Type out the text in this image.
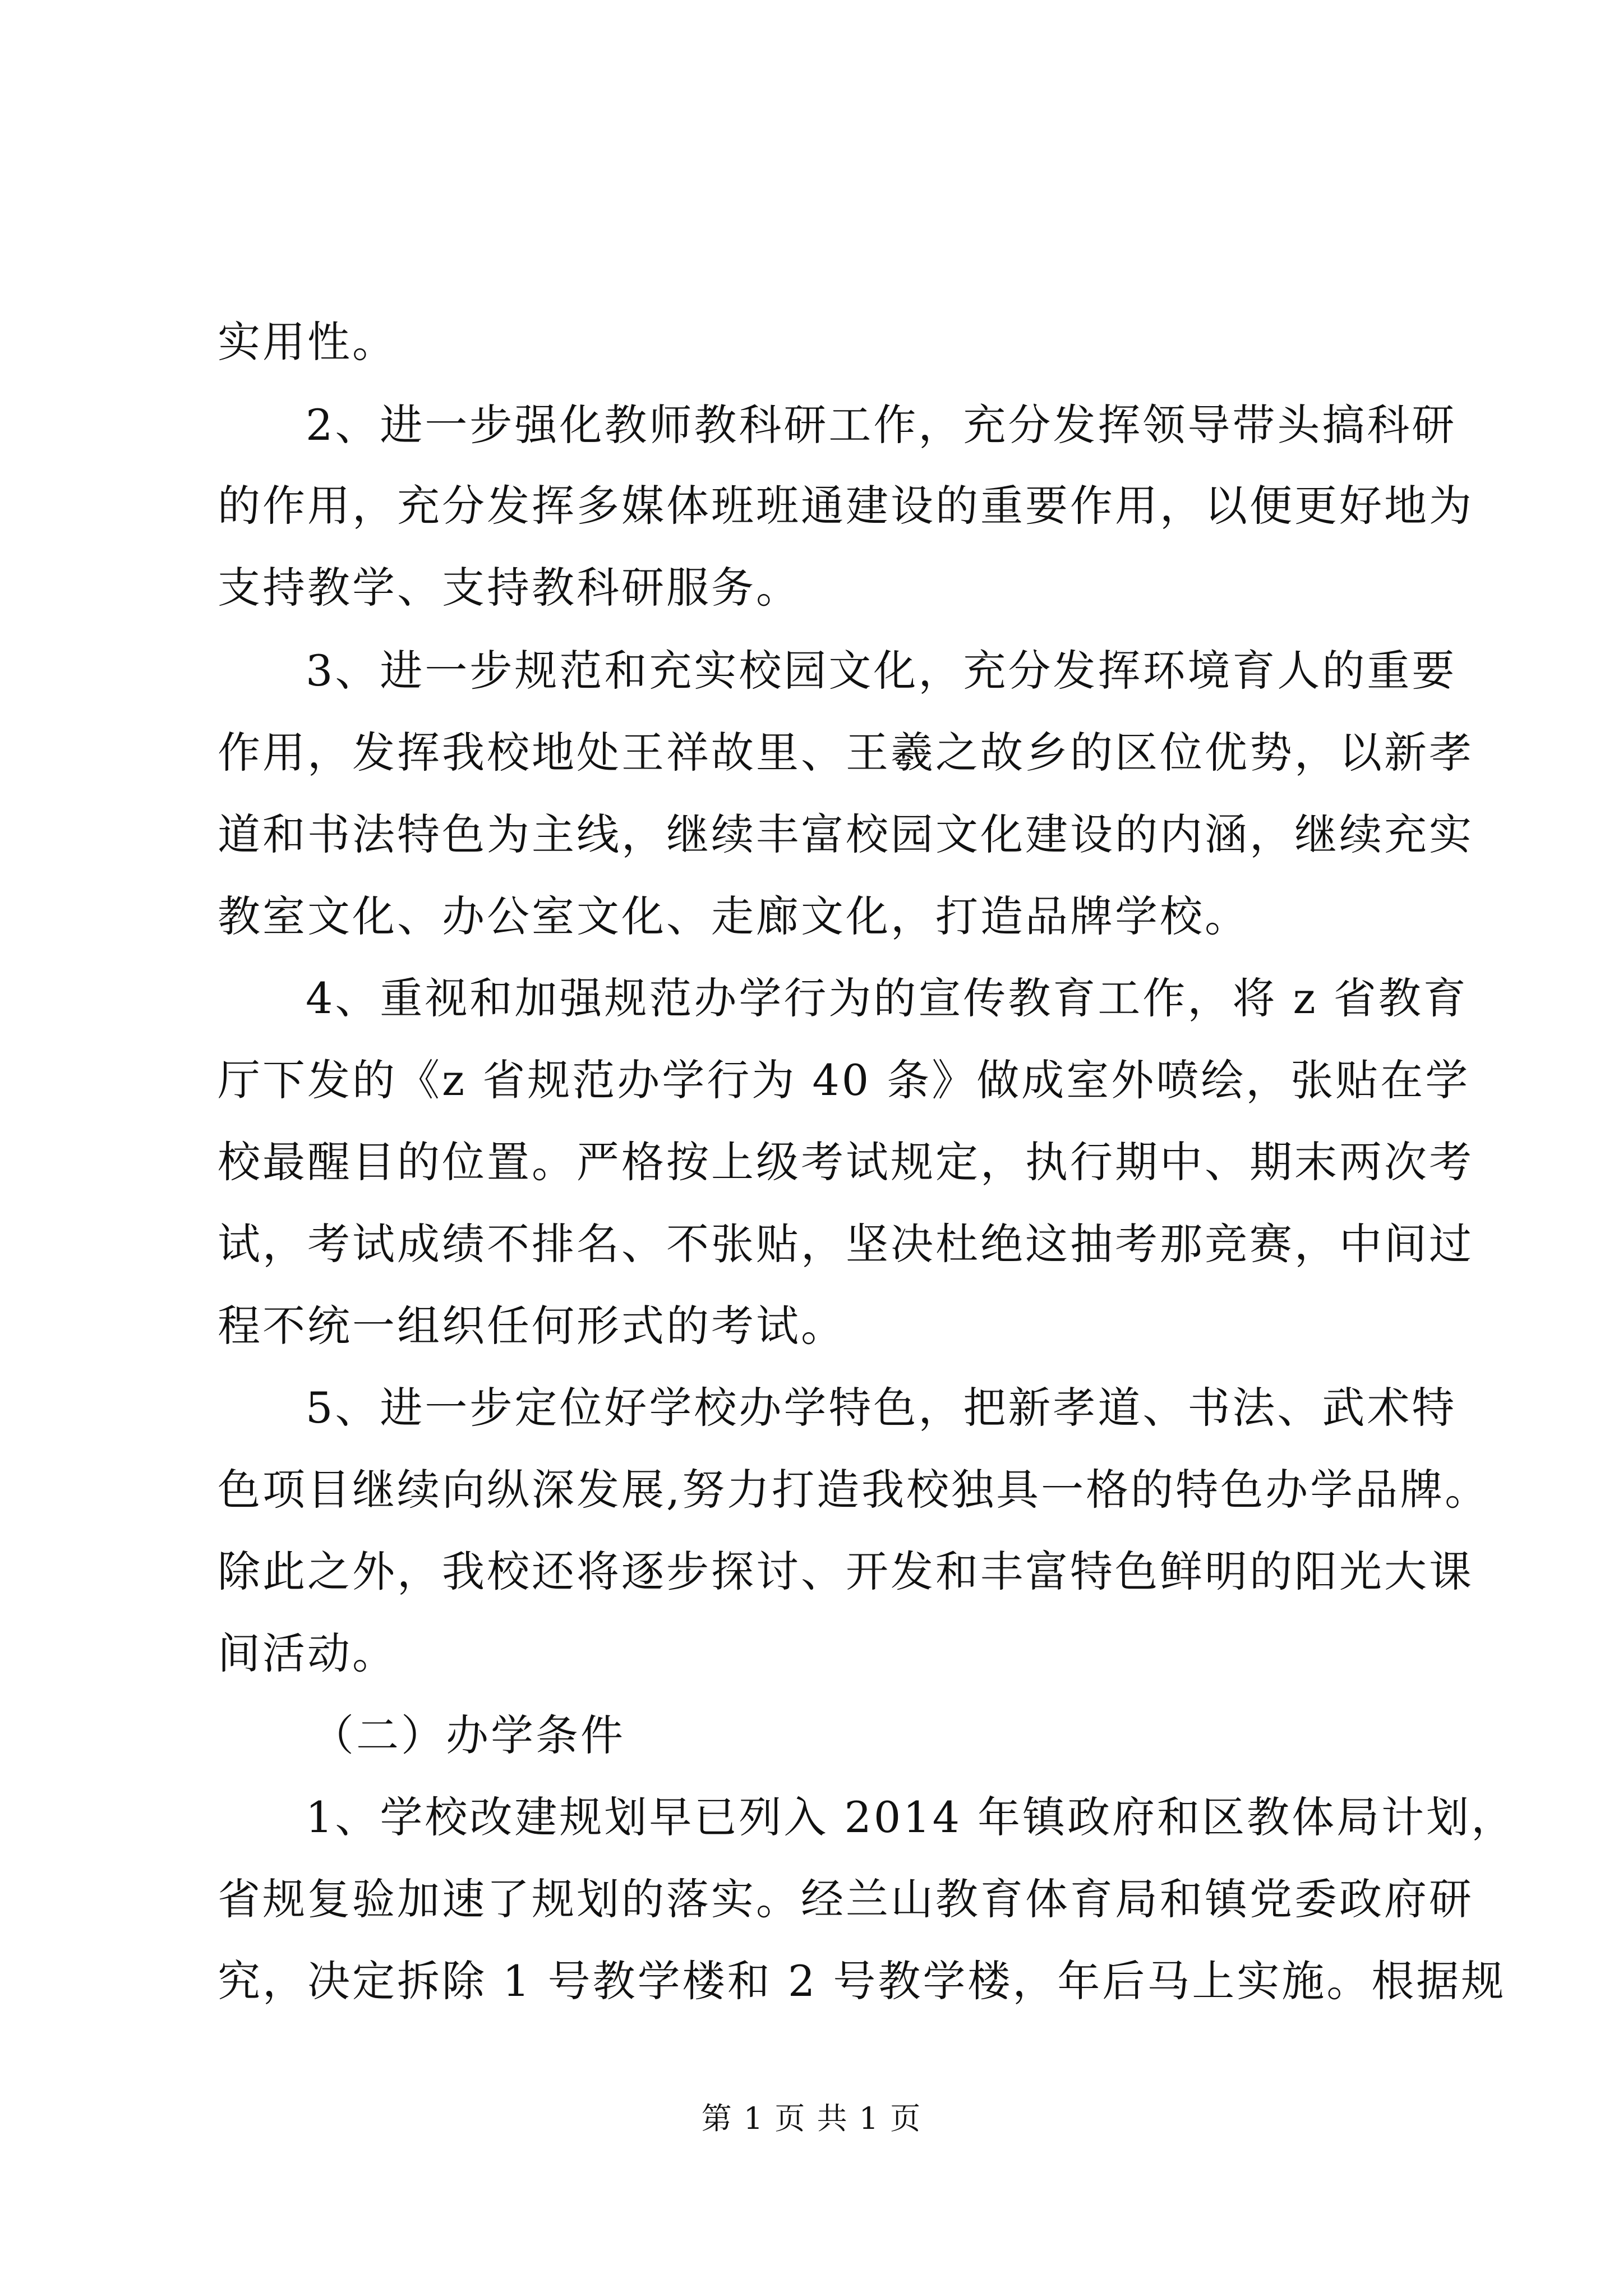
实用性。
2、进一步强化教师教科研工作，充分发挥领导带头搞科研
的作用，充分发挥多媒体班班通建设的重要作用，以便更好地为
支持教学、支持教科研服务。
3、进一步规范和充实校园文化，充分发挥环境育人的重要
作用，发挥我校地处王祥故里、王羲之故乡的区位优势，以新孝
道和书法特色为主线，继续丰富校园文化建设的内涵，继续充实
教室文化、办公室文化、走廊文化，打造品牌学校。
4、重视和加强规范办学行为的宣传教育工作，将 z 省教育
厅下发的《z 省规范办学行为 40 条》做成室外喷绘，张贴在学
校最醒目的位置。严格按上级考试规定，执行期中、期末两次考
试，考试成绩不排名、不张贴，坚决杜绝这抽考那竞赛，中间过
程不统一组织任何形式的考试。
5、进一步定位好学校办学特色，把新孝道、书法、武术特
色项目继续向纵深发展,努力打造我校独具一格的特色办学品牌。
除此之外，我校还将逐步探讨、开发和丰富特色鲜明的阳光大课
间活动。
（二）办学条件
1、学校改建规划早已列入 2014 年镇政府和区教体局计划，
省规复验加速了规划的落实。经兰山教育体育局和镇党委政府研
究，决定拆除 1 号教学楼和 2 号教学楼，年后马上实施。根据规
第 1 页 共 1 页
